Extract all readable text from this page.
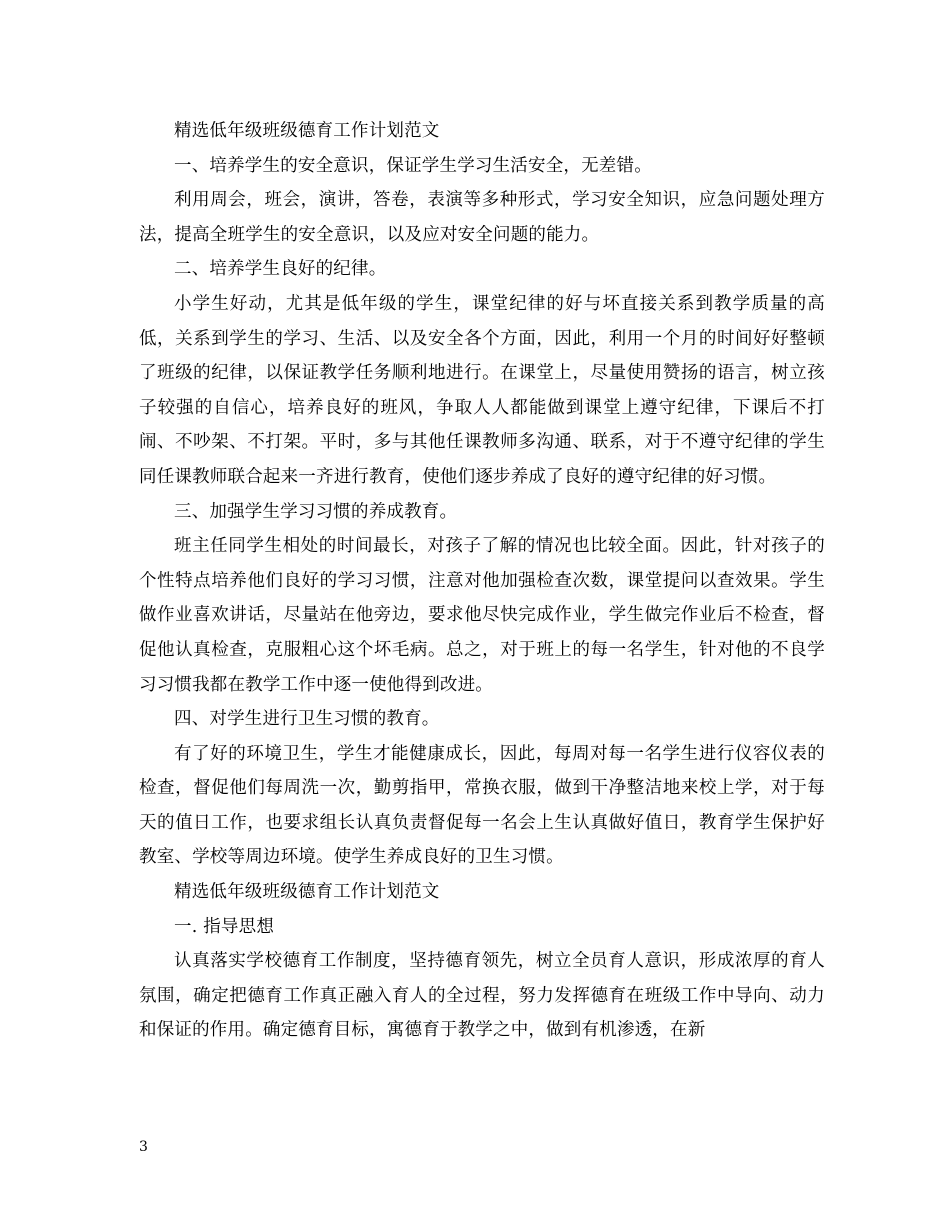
精选低年级班级德育工作计划范文

一、培养学生的安全意识，保证学生学习生活安全，无差错。

利用周会，班会，演讲，答卷，表演等多种形式，学习安全知识，应急问题处理方法，提高全班学生的安全意识，以及应对安全问题的能力。

二、培养学生良好的纪律。

小学生好动，尤其是低年级的学生，课堂纪律的好与坏直接关系到教学质量的高低，关系到学生的学习、生活、以及安全各个方面，因此，利用一个月的时间好好整顿了班级的纪律，以保证教学任务顺利地进行。在课堂上，尽量使用赞扬的语言，树立孩子较强的自信心，培养良好的班风，争取人人都能做到课堂上遵守纪律，下课后不打闹、不吵架、不打架。平时，多与其他任课教师多沟通、联系，对于不遵守纪律的学生同任课教师联合起来一齐进行教育，使他们逐步养成了良好的遵守纪律的好习惯。

三、加强学生学习习惯的养成教育。

班主任同学生相处的时间最长，对孩子了解的情况也比较全面。因此，针对孩子的个性特点培养他们良好的学习习惯，注意对他加强检查次数，课堂提问以查效果。学生做作业喜欢讲话，尽量站在他旁边，要求他尽快完成作业，学生做完作业后不检查，督促他认真检查，克服粗心这个坏毛病。总之，对于班上的每一名学生，针对他的不良学习习惯我都在教学工作中逐一使他得到改进。

四、对学生进行卫生习惯的教育。

有了好的环境卫生，学生才能健康成长，因此，每周对每一名学生进行仪容仪表的检查，督促他们每周洗一次，勤剪指甲，常换衣服，做到干净整洁地来校上学，对于每天的值日工作，也要求组长认真负责督促每一名会上生认真做好值日，教育学生保护好教室、学校等周边环境。使学生养成良好的卫生习惯。

精选低年级班级德育工作计划范文

一. 指导思想

认真落实学校德育工作制度，坚持德育领先，树立全员育人意识，形成浓厚的育人氛围，确定把德育工作真正融入育人的全过程，努力发挥德育在班级工作中导向、动力和保证的作用。确定德育目标，寓德育于教学之中，做到有机渗透，在新

3
